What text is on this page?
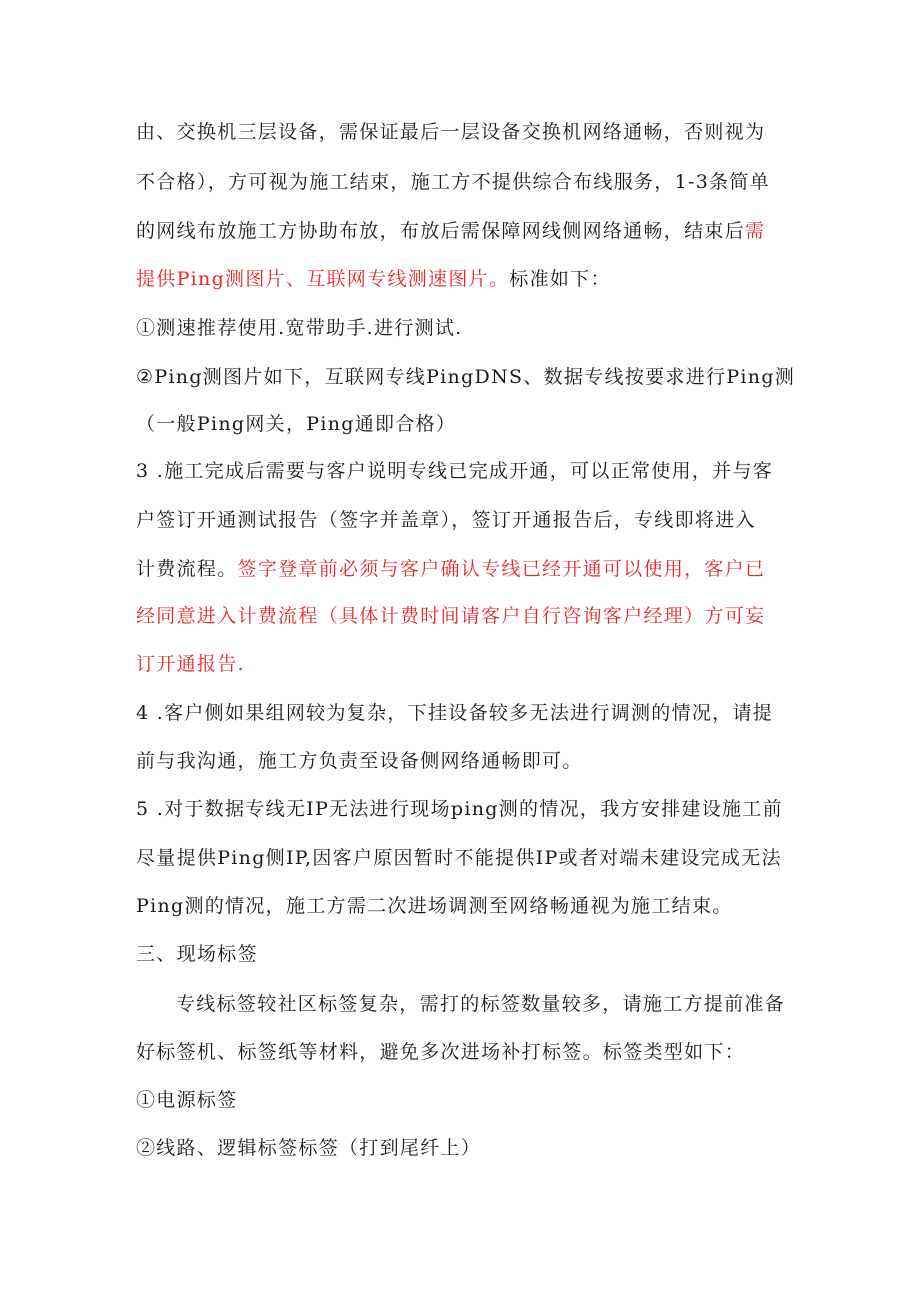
由、交换机三层设备，需保证最后一层设备交换机网络通畅，否则视为
不合格），方可视为施工结束，施工方不提供综合布线服务，1-3条简单
的网线布放施工方协助布放，布放后需保障网线侧网络通畅，结束后需
提供Ping测图片、互联网专线测速图片。标准如下：
①测速推荐使用.宽带助手.进行测试.
②Ping测图片如下，互联网专线PingDNS、数据专线按要求进行Ping测
（一般Ping网关，Ping通即合格）
3 .施工完成后需要与客户说明专线已完成开通，可以正常使用，并与客
户签订开通测试报告（签字并盖章），签订开通报告后，专线即将进入
计费流程。签字登章前必须与客户确认专线已经开通可以使用，客户已
经同意进入计费流程（具体计费时间请客户自行咨询客户经理）方可妄
订开通报告.
4 .客户侧如果组网较为复杂，下挂设备较多无法进行调测的情况，请提
前与我沟通，施工方负责至设备侧网络通畅即可。
5 .对于数据专线无IP无法进行现场ping测的情况，我方安排建设施工前
尽量提供Ping侧IP,因客户原因暂时不能提供IP或者对端未建设完成无法
Ping测的情况，施工方需二次进场调测至网络畅通视为施工结束。
三、现场标签
专线标签较社区标签复杂，需打的标签数量较多，请施工方提前准备
好标签机、标签纸等材料，避免多次进场补打标签。标签类型如下：
①电源标签
②线路、逻辑标签标签（打到尾纤上）
